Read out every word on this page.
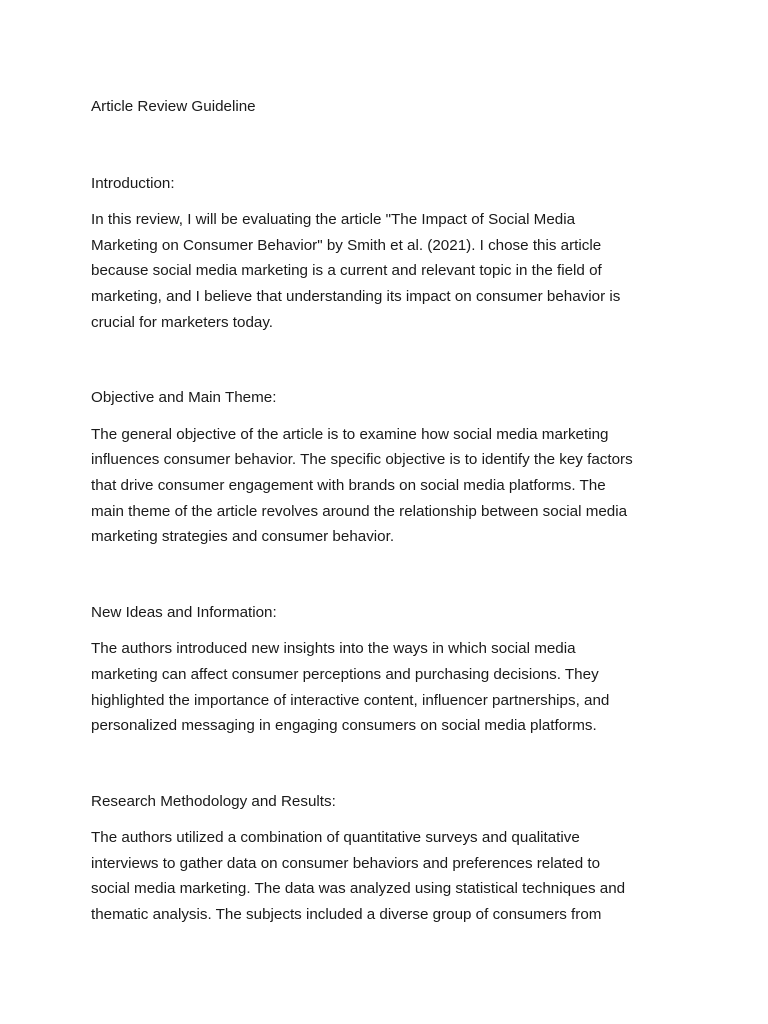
Article Review Guideline
Introduction:

In this review, I will be evaluating the article "The Impact of Social Media
Marketing on Consumer Behavior" by Smith et al. (2021). I chose this article
because social media marketing is a current and relevant topic in the field of
marketing, and I believe that understanding its impact on consumer behavior is
crucial for marketers today.

Objective and Main Theme:

The general objective of the article is to examine how social media marketing
influences consumer behavior. The specific objective is to identify the key factors
that drive consumer engagement with brands on social media platforms. The
main theme of the article revolves around the relationship between social media
marketing strategies and consumer behavior.

New Ideas and Information:

The authors introduced new insights into the ways in which social media
marketing can affect consumer perceptions and purchasing decisions. They
highlighted the importance of interactive content, influencer partnerships, and
personalized messaging in engaging consumers on social media platforms.

Research Methodology and Results:

The authors utilized a combination of quantitative surveys and qualitative
interviews to gather data on consumer behaviors and preferences related to
social media marketing. The data was analyzed using statistical techniques and
thematic analysis. The subjects included a diverse group of consumers from
